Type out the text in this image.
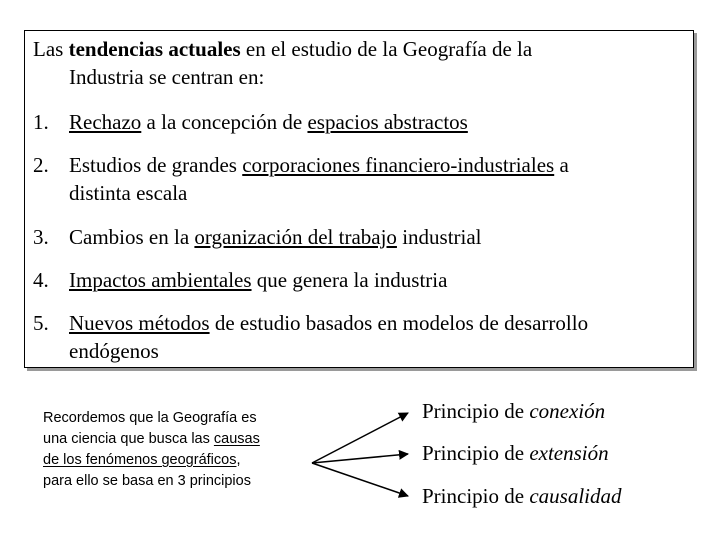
Las tendencias actuales en el estudio de la Geografía de la
Industria se centran en:
1. Rechazo a la concepción de espacios abstractos
2. Estudios de grandes corporaciones financiero-industriales a
distinta escala
3. Cambios en la organización del trabajo industrial
4. Impactos ambientales que genera la industria
5. Nuevos métodos de estudio basados en modelos de desarrollo
endógenos
Recordemos que la Geografía es
una ciencia que busca las causas
de los fenómenos geográficos,
para ello se basa en 3 principios
Principio de conexión
Principio de extensión
Principio de causalidad
